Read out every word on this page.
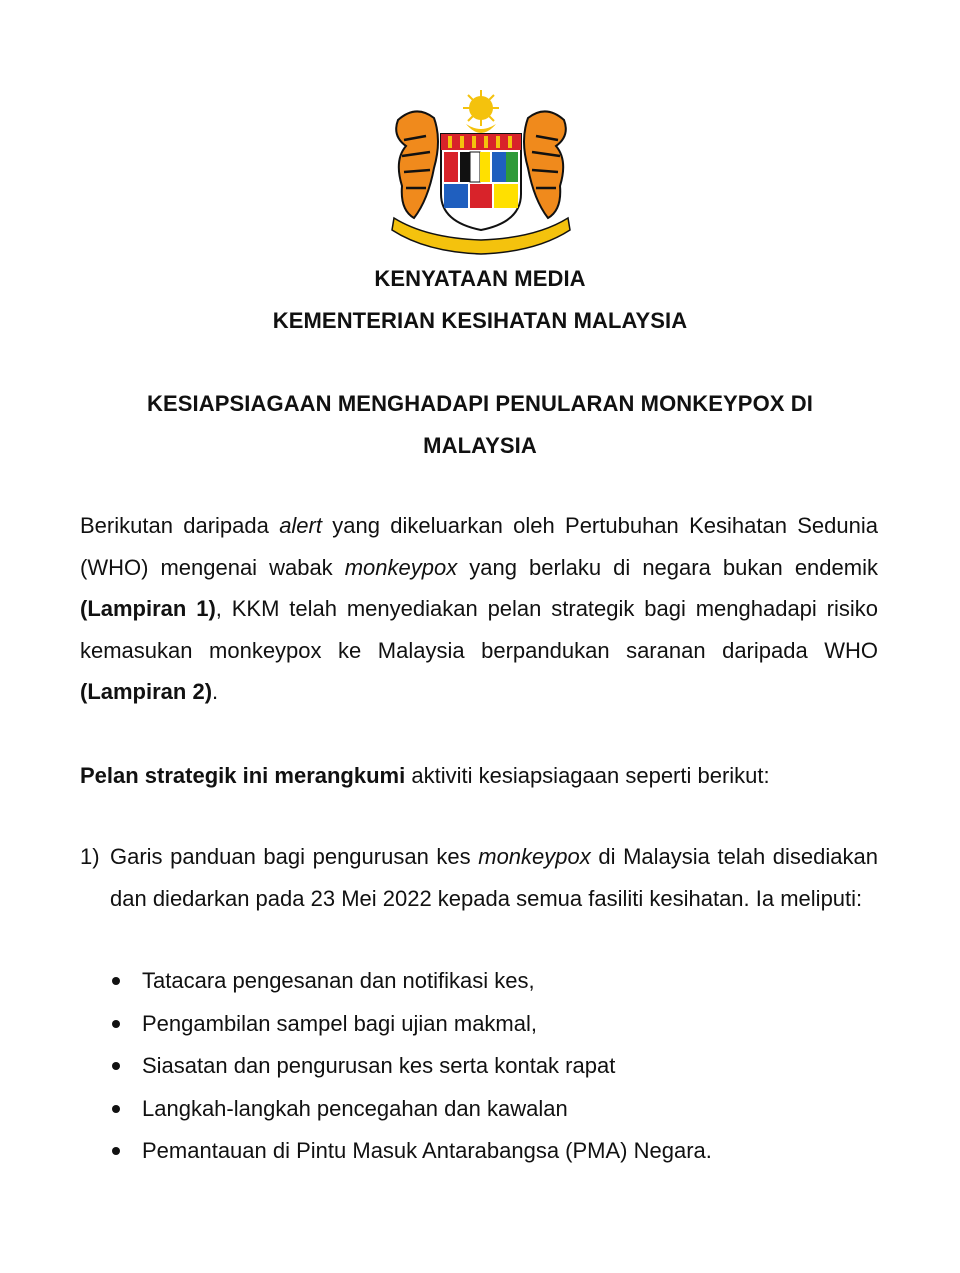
KENYATAAN MEDIA
KEMENTERIAN KESIHATAN MALAYSIA
KESIAPSIAGAAN MENGHADAPI PENULARAN MONKEYPOX DI
MALAYSIA

Berikutan daripada alert yang dikeluarkan oleh Pertubuhan Kesihatan Sedunia (WHO) mengenai wabak monkeypox yang berlaku di negara bukan endemik (Lampiran 1), KKM telah menyediakan pelan strategik bagi menghadapi risiko kemasukan monkeypox ke Malaysia berpandukan saranan daripada WHO (Lampiran 2).

Pelan strategik ini merangkumi aktiviti kesiapsiagaan seperti berikut:

1) Garis panduan bagi pengurusan kes monkeypox di Malaysia telah disediakan dan diedarkan pada 23 Mei 2022 kepada semua fasiliti kesihatan. Ia meliputi:
Tatacara pengesanan dan notifikasi kes,
Pengambilan sampel bagi ujian makmal,
Siasatan dan pengurusan kes serta kontak rapat
Langkah-langkah pencegahan dan kawalan
Pemantauan di Pintu Masuk Antarabangsa (PMA) Negara.
